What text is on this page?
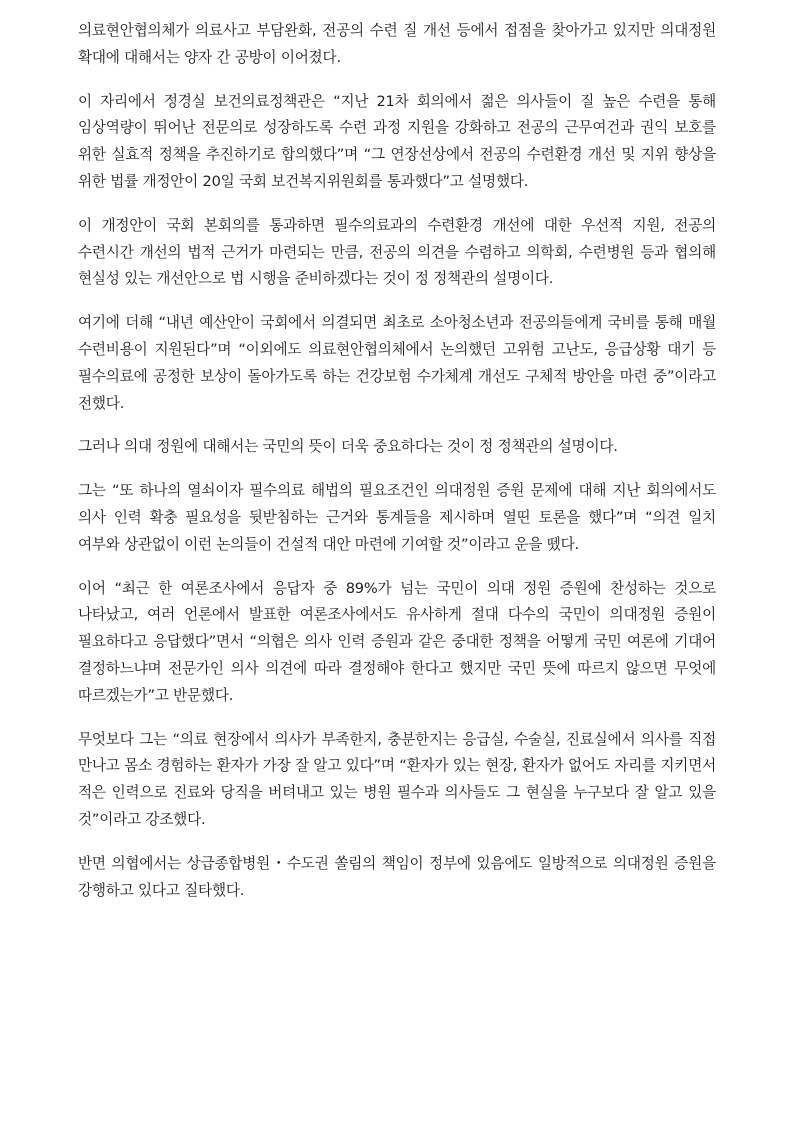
의료현안협의체가 의료사고 부담완화, 전공의 수련 질 개선 등에서 접점을 찾아가고 있지만 의대정원 확대에 대해서는 양자 간 공방이 이어졌다.

이 자리에서 정경실 보건의료정책관은 “지난 21차 회의에서 젊은 의사들이 질 높은 수련을 통해 임상역량이 뛰어난 전문의로 성장하도록 수련 과정 지원을 강화하고 전공의 근무여건과 권익 보호를 위한 실효적 정책을 추진하기로 합의했다”며 “그 연장선상에서 전공의 수련환경 개선 및 지위 향상을 위한 법률 개정안이 20일 국회 보건복지위원회를 통과했다”고 설명했다.

이 개정안이 국회 본회의를 통과하면 필수의료과의 수련환경 개선에 대한 우선적 지원, 전공의 수련시간 개선의 법적 근거가 마련되는 만큼, 전공의 의견을 수렴하고 의학회, 수련병원 등과 협의해 현실성 있는 개선안으로 법 시행을 준비하겠다는 것이 정 정책관의 설명이다.

여기에 더해 “내년 예산안이 국회에서 의결되면 최초로 소아청소년과 전공의들에게 국비를 통해 매월 수련비용이 지원된다”며 “이외에도 의료현안협의체에서 논의했던 고위험 고난도, 응급상황 대기 등 필수의료에 공정한 보상이 돌아가도록 하는 건강보험 수가체계 개선도 구체적 방안을 마련 중”이라고 전했다.

그러나 의대 정원에 대해서는 국민의 뜻이 더욱 중요하다는 것이 정 정책관의 설명이다.

그는 “또 하나의 열쇠이자 필수의료 해법의 필요조건인 의대정원 증원 문제에 대해 지난 회의에서도 의사 인력 확충 필요성을 뒷받침하는 근거와 통계들을 제시하며 열띤 토론을 했다”며 “의견 일치 여부와 상관없이 이런 논의들이 건설적 대안 마련에 기여할 것”이라고 운을 뗐다.

이어 “최근 한 여론조사에서 응답자 중 89%가 넘는 국민이 의대 정원 증원에 찬성하는 것으로 나타났고, 여러 언론에서 발표한 여론조사에서도 유사하게 절대 다수의 국민이 의대정원 증원이 필요하다고 응답했다”면서 “의협은 의사 인력 증원과 같은 중대한 정책을 어떻게 국민 여론에 기대어 결정하느냐며 전문가인 의사 의견에 따라 결정해야 한다고 했지만 국민 뜻에 따르지 않으면 무엇에 따르겠는가”고 반문했다.

무엇보다 그는 “의료 현장에서 의사가 부족한지, 충분한지는 응급실, 수술실, 진료실에서 의사를 직접 만나고 몸소 경험하는 환자가 가장 잘 알고 있다”며 “환자가 있는 현장, 환자가 없어도 자리를 지키면서 적은 인력으로 진료와 당직을 버텨내고 있는 병원 필수과 의사들도 그 현실을 누구보다 잘 알고 있을 것”이라고 강조했다.

반면 의협에서는 상급종합병원・수도권 쏠림의 책임이 정부에 있음에도 일방적으로 의대정원 증원을 강행하고 있다고 질타했다.
